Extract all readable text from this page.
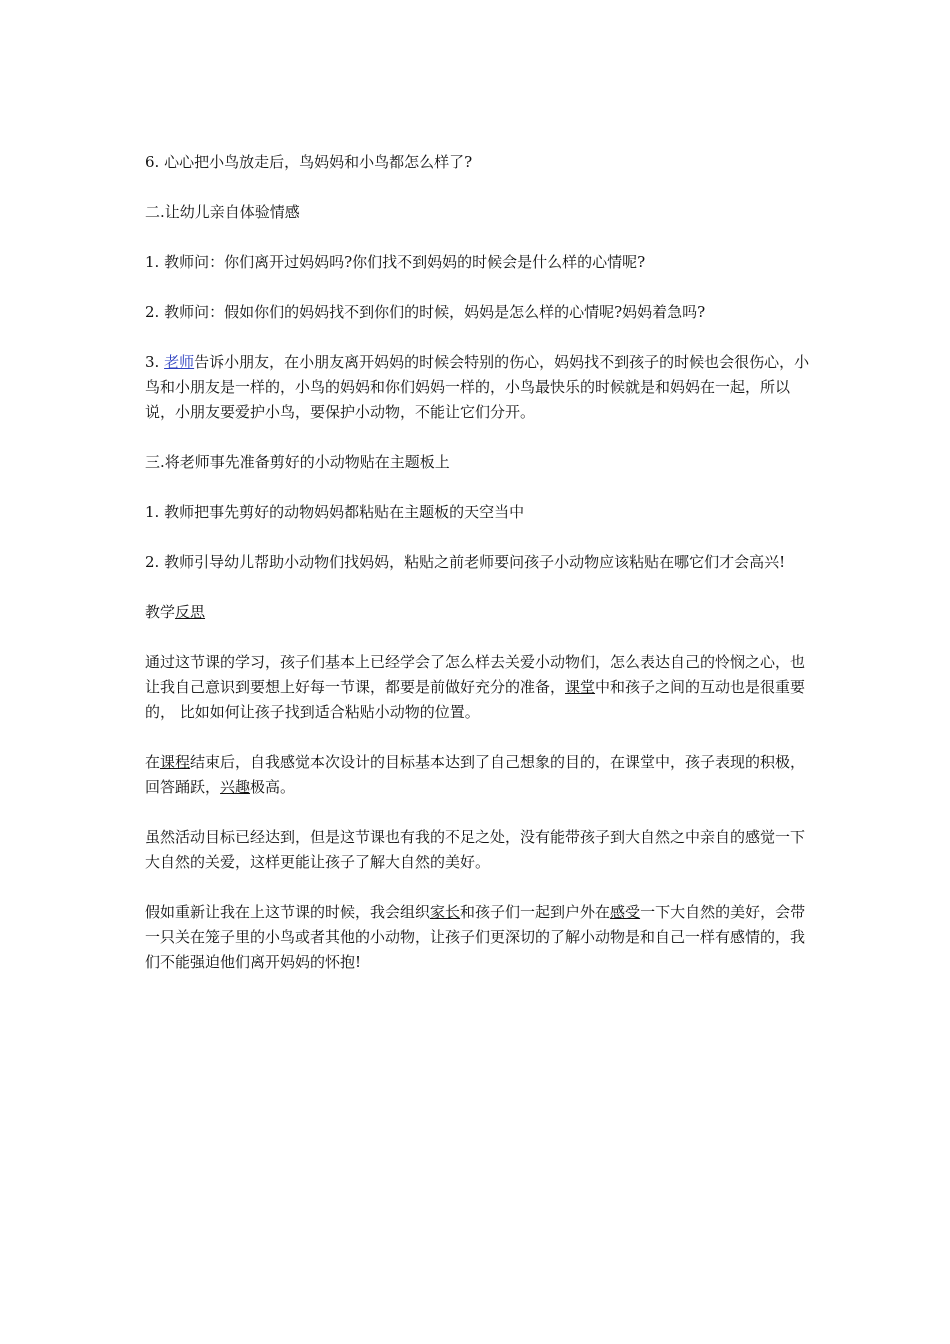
6. 心心把小鸟放走后，鸟妈妈和小鸟都怎么样了?

二.让幼儿亲自体验情感

1. 教师问：你们离开过妈妈吗?你们找不到妈妈的时候会是什么样的心情呢?

2. 教师问：假如你们的妈妈找不到你们的时候，妈妈是怎么样的心情呢?妈妈着急吗?

3. 老师告诉小朋友，在小朋友离开妈妈的时候会特别的伤心，妈妈找不到孩子的时候也会很伤心，小鸟和小朋友是一样的，小鸟的妈妈和你们妈妈一样的，小鸟最快乐的时候就是和妈妈在一起，所以说，小朋友要爱护小鸟，要保护小动物，不能让它们分开。

三.将老师事先准备剪好的小动物贴在主题板上

1. 教师把事先剪好的动物妈妈都粘贴在主题板的天空当中

2. 教师引导幼儿帮助小动物们找妈妈，粘贴之前老师要问孩子小动物应该粘贴在哪它们才会高兴!

教学反思

通过这节课的学习，孩子们基本上已经学会了怎么样去关爱小动物们，怎么表达自己的怜悯之心，也让我自己意识到要想上好每一节课，都要是前做好充分的准备，课堂中和孩子之间的互动也是很重要的， 比如如何让孩子找到适合粘贴小动物的位置。

在课程结束后，自我感觉本次设计的目标基本达到了自己想象的目的，在课堂中，孩子表现的积极，回答踊跃，兴趣极高。

虽然活动目标已经达到，但是这节课也有我的不足之处，没有能带孩子到大自然之中亲自的感觉一下大自然的关爱，这样更能让孩子了解大自然的美好。

假如重新让我在上这节课的时候，我会组织家长和孩子们一起到户外在感受一下大自然的美好，会带一只关在笼子里的小鸟或者其他的小动物，让孩子们更深切的了解小动物是和自己一样有感情的，我们不能强迫他们离开妈妈的怀抱!
